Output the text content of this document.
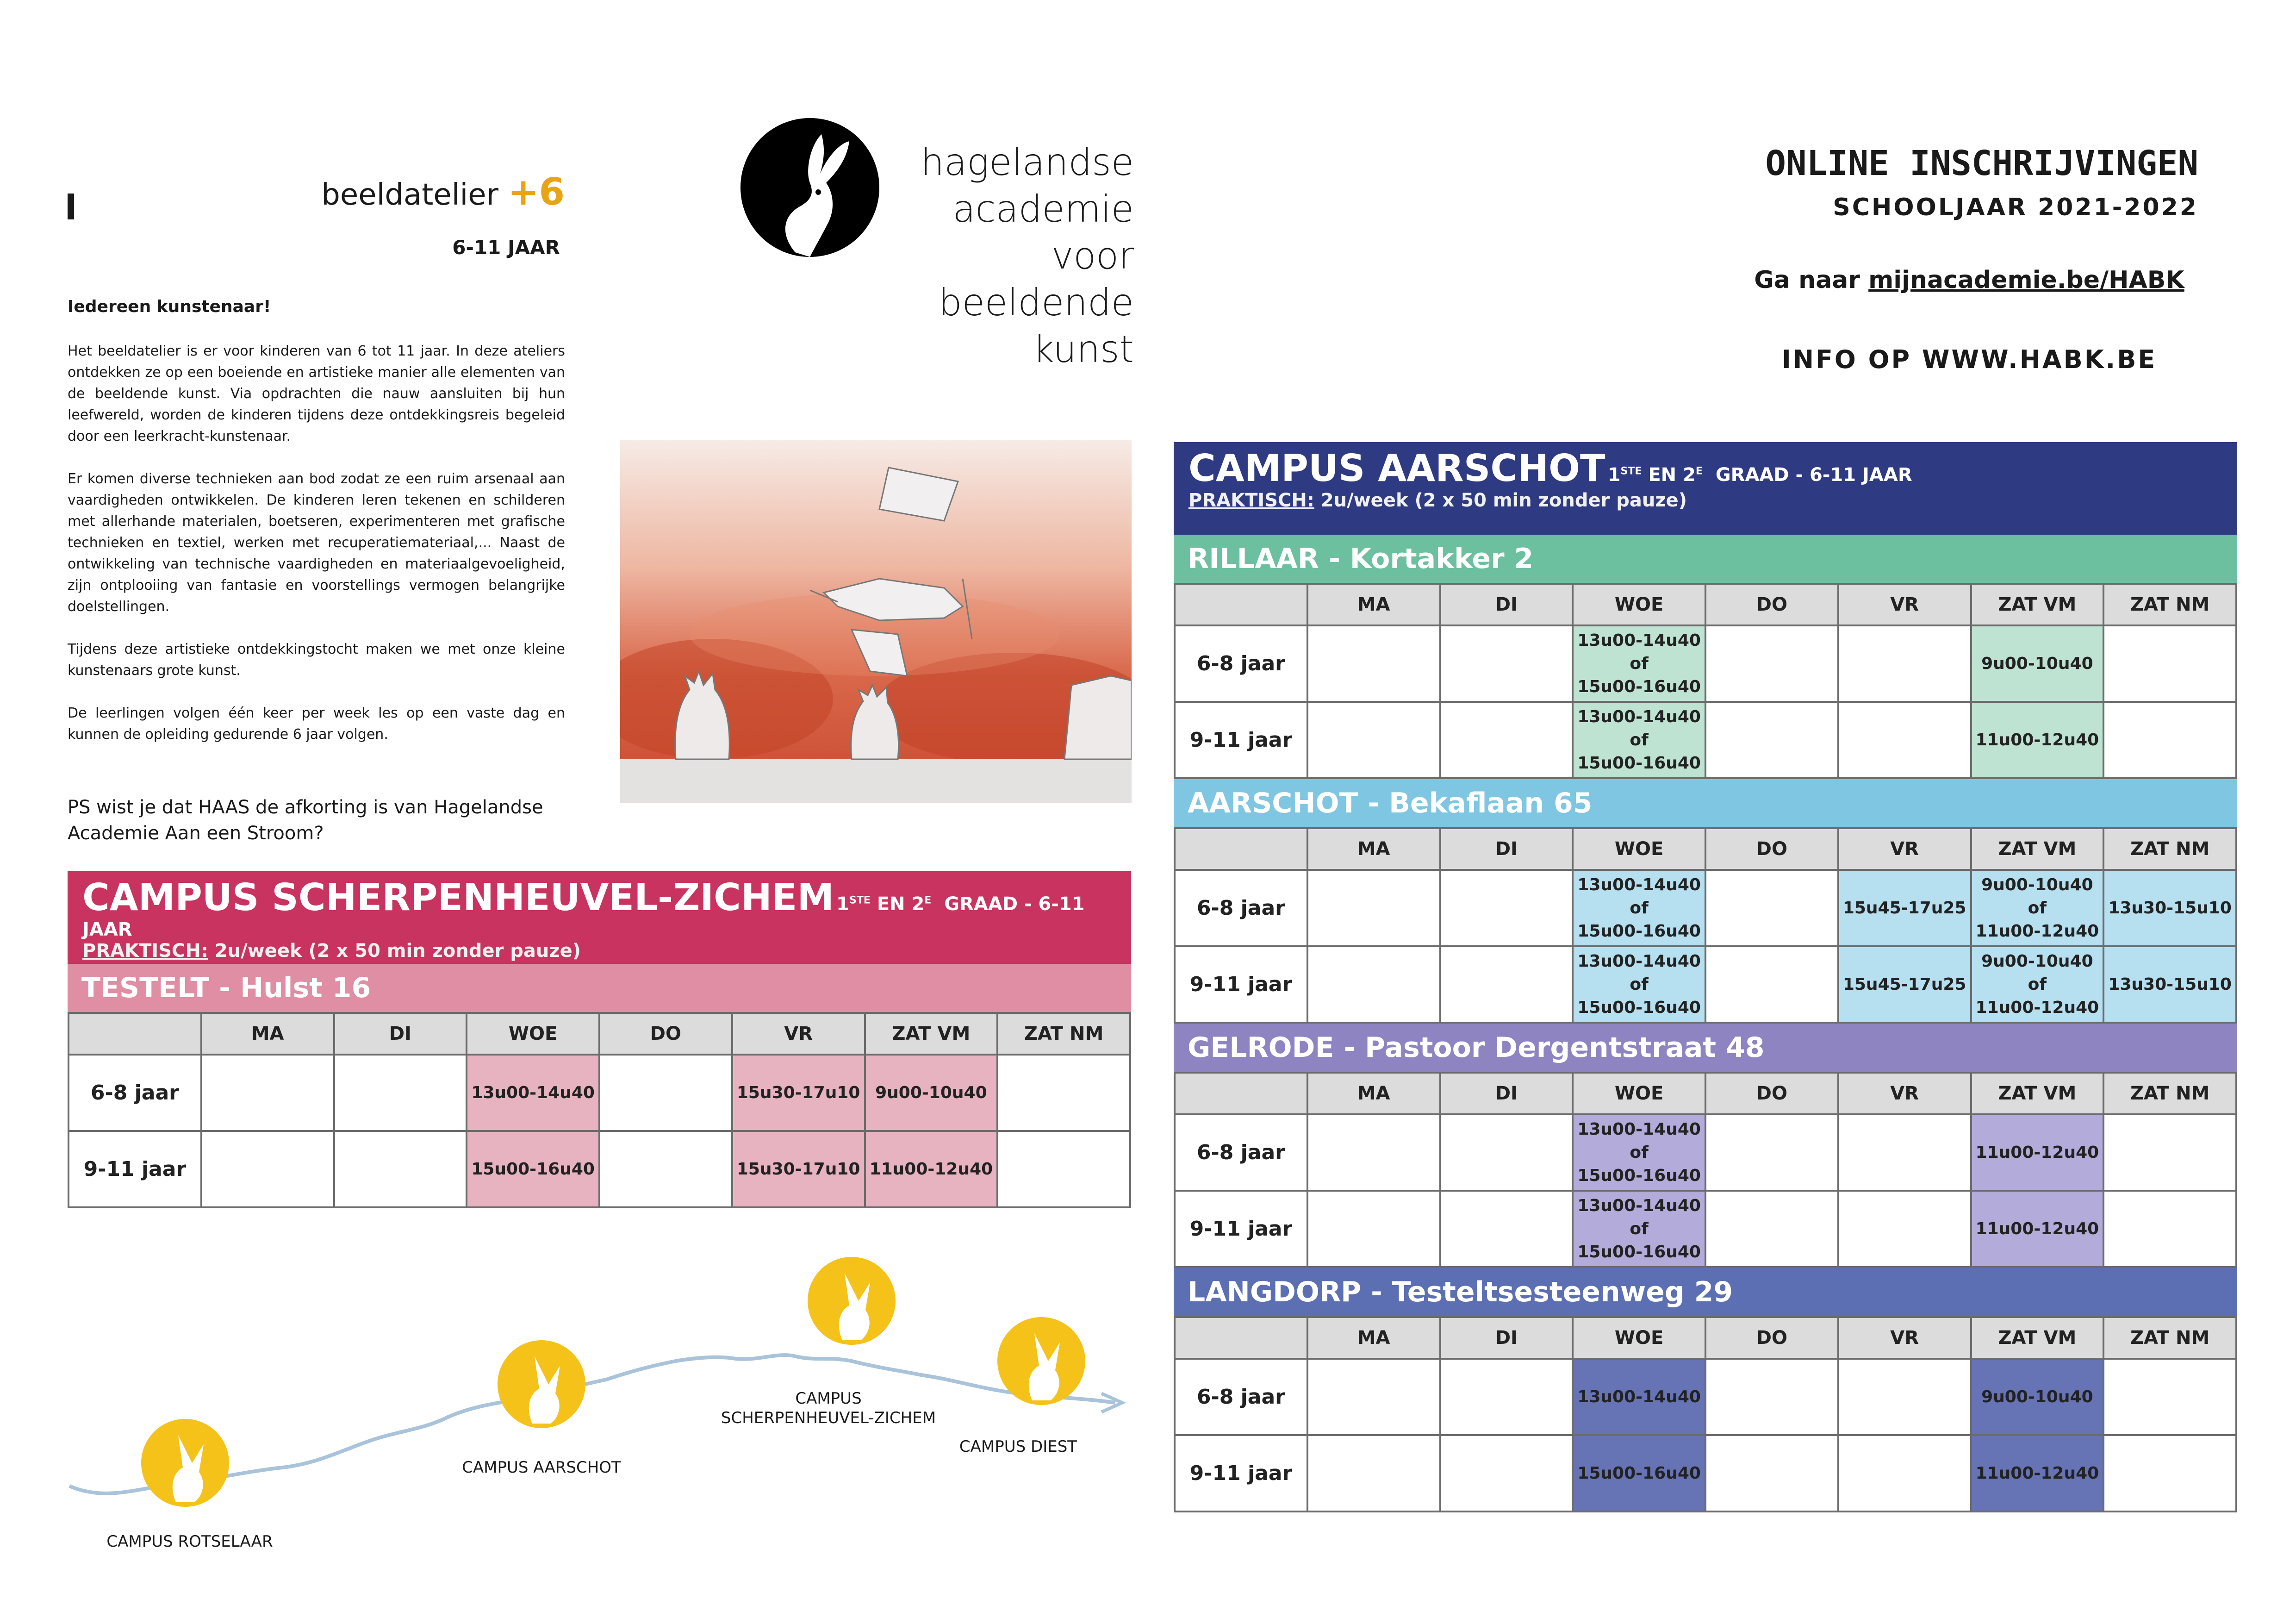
beeldatelier +6
6-11 JAAR
Iedereen kunstenaar!
Het beeldatelier is er voor kinderen van 6 tot 11 jaar. In deze ateliers ontdekken ze op een boeiende en artistieke manier alle elementen van de beeldende kunst. Via opdrachten die nauw aansluiten bij hun leefwereld, worden de kinderen tijdens deze ontdekkingsreis begeleid door een leerkracht-kunstenaar.
Er komen diverse technieken aan bod zodat ze een ruim arsenaal aan vaardigheden ontwikkelen. De kinderen leren tekenen en schilderen met allerhande materialen, boetseren, experimenteren met grafische technieken en textiel, werken met recuperatiemateriaal,... Naast de ontwikkeling van technische vaardigheden en materiaalgevoeligheid, zijn ontplooiing van fantasie en voorstellings vermogen belangrijke doelstellingen.
Tijdens deze artistieke ontdekkingstocht maken we met onze kleine kunstenaars grote kunst.
De leerlingen volgen één keer per week les op een vaste dag en kunnen de opleiding gedurende 6 jaar volgen.
PS wist je dat HAAS de afkorting is van Hagelandse Academie Aan een Stroom?
hagelandse
academie
voor
beeldende
kunst
ONLINE INSCHRIJVINGEN
SCHOOLJAAR 2021-2022
Ga naar mijnacademie.be/HABK
INFO OP WWW.HABK.BE
CAMPUS SCHERPENHEUVEL-ZICHEM 1STE EN $2^E$ GRAAD - 6-11 JAAR
PRAKTISCH: 2u/week (2 x 50 min zonder pauze)
TESTELT - Hulst 16
	MA	DI	WOE	DO	VR	ZAT VM	ZAT NM
6-8 jaar			13u00-14u40		15u30-17u10	9u00-10u40	
9-11 jaar			15u00-16u40		15u30-17u10	11u00-12u40	
CAMPUS AARSCHOT 1STE EN $2^E$ GRAAD - 6-11 JAAR
PRAKTISCH: 2u/week (2 x 50 min zonder pauze)
RILLAAR - Kortakker 2
	MA	DI	WOE	DO	VR	ZAT VM	ZAT NM
6-8 jaar			13u00-14u40
of
15u00-16u40			9u00-10u40	
9-11 jaar			13u00-14u40
of
15u00-16u40			11u00-12u40	
AARSCHOT - Bekaflaan 65
	MA	DI	WOE	DO	VR	ZAT VM	ZAT NM
6-8 jaar			13u00-14u40
of
15u00-16u40		15u45-17u25	9u00-10u40
of
11u00-12u40	13u30-15u10
9-11 jaar			13u00-14u40
of
15u00-16u40		15u45-17u25	9u00-10u40
of
11u00-12u40	13u30-15u10
GELRODE - Pastoor Dergentstraat 48
	MA	DI	WOE	DO	VR	ZAT VM	ZAT NM
6-8 jaar			13u00-14u40
of
15u00-16u40			11u00-12u40	
9-11 jaar			13u00-14u40
of
15u00-16u40			11u00-12u40	
LANGDORP - Testeltsesteenweg 29
	MA	DI	WOE	DO	VR	ZAT VM	ZAT NM
6-8 jaar			13u00-14u40			9u00-10u40	
9-11 jaar			15u00-16u40			11u00-12u40	
CAMPUS ROTSELAAR
CAMPUS AARSCHOT
CAMPUS
SCHERPENHEUVEL-ZICHEM
CAMPUS DIEST
